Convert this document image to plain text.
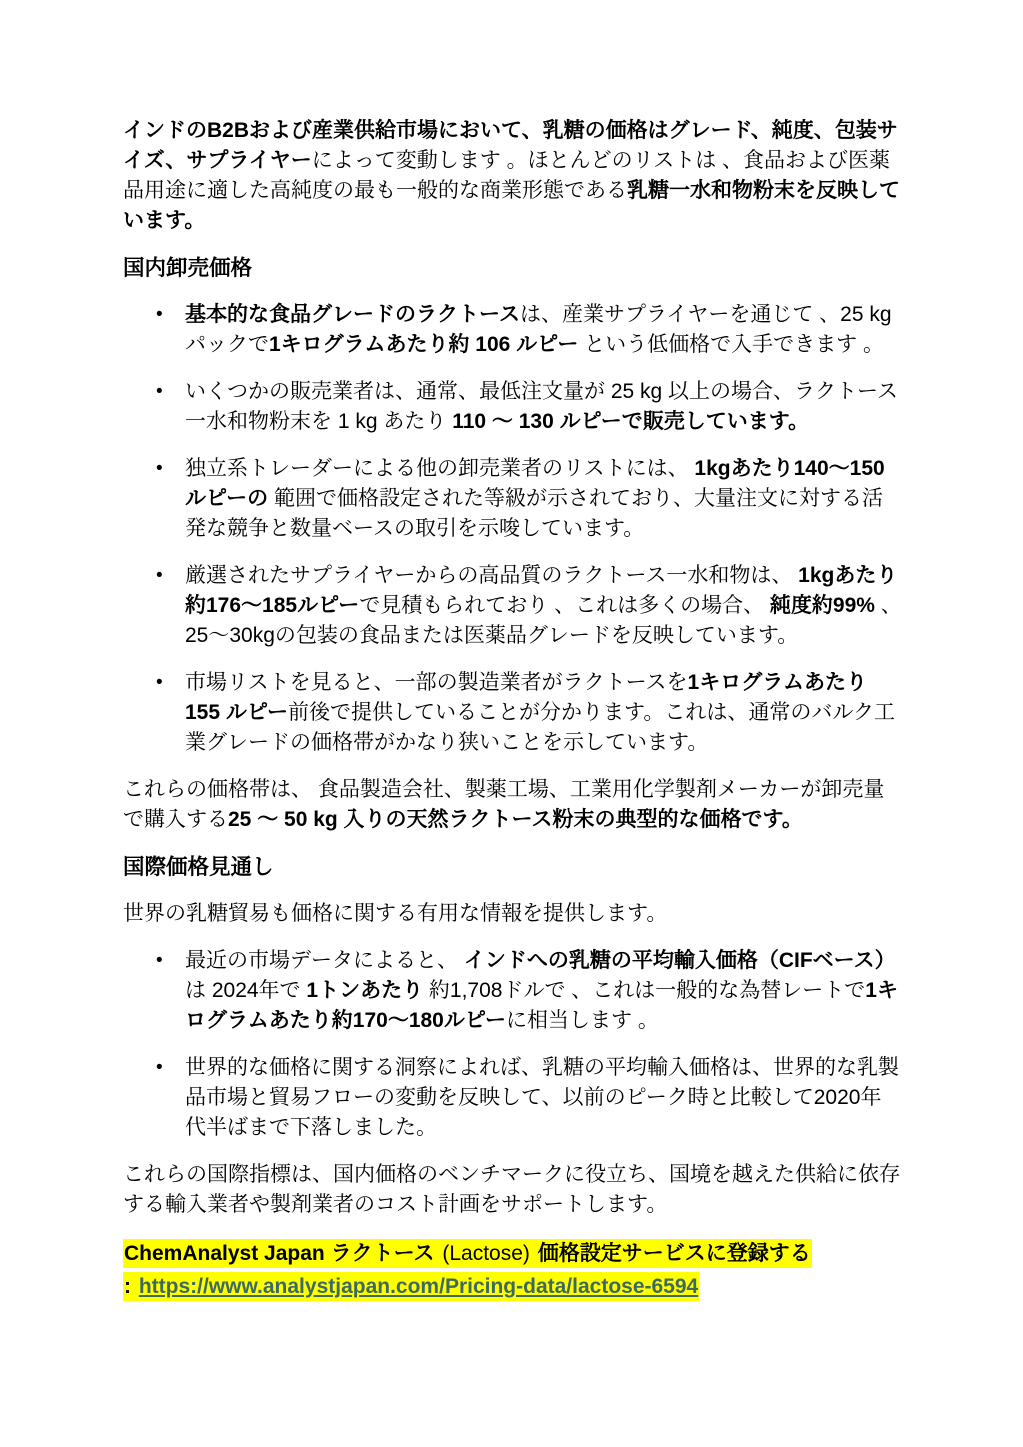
インドのB2Bおよび産業供給市場において、乳糖の価格はグレード、純度、包装サイズ、サプライヤーによって変動します 。ほとんどのリストは 、食品および医薬品用途に適した高純度の最も一般的な商業形態である乳糖一水和物粉末を反映しています。

国内卸売価格
•	基本的な食品グレードのラクトースは、産業サプライヤーを通じて 、25 kg パックで1キログラムあたり約 106 ルピー という低価格で入手できます 。
•	いくつかの販売業者は、通常、最低注文量が 25 kg 以上の場合、ラクトース一水和物粉末を 1 kg あたり 110 ～ 130 ルピーで販売しています。
•	独立系トレーダーによる他の卸売業者のリストには、 1kgあたり140～150ルピーの 範囲で価格設定された等級が示されており、大量注文に対する活発な競争と数量ベースの取引を示唆しています。
•	厳選されたサプライヤーからの高品質のラクトース一水和物は、 1kgあたり約176～185ルピーで見積もられており 、これは多くの場合、 純度約99% 、25～30kgの包装の食品または医薬品グレードを反映しています。
•	市場リストを見ると、一部の製造業者がラクトースを1キログラムあたり155 ルピー前後で提供していることが分かります。これは、通常のバルク工業グレードの価格帯がかなり狭いことを示しています。

これらの価格帯は、 食品製造会社、製薬工場、工業用化学製剤メーカーが卸売量で購入する25 ～ 50 kg 入りの天然ラクトース粉末の典型的な価格です。

国際価格見通し

世界の乳糖貿易も価格に関する有用な情報を提供します。

•	最近の市場データによると、 インドへの乳糖の平均輸入価格（CIFベース）は 2024年で 1トンあたり 約1,708ドルで 、これは一般的な為替レートで1キログラムあたり約170～180ルピーに相当します 。
•	世界的な価格に関する洞察によれば、乳糖の平均輸入価格は、世界的な乳製品市場と貿易フローの変動を反映して、以前のピーク時と比較して2020年代半ばまで下落しました。

これらの国際指標は、国内価格のベンチマークに役立ち、国境を越えた供給に依存する輸入業者や製剤業者のコスト計画をサポートします。

ChemAnalyst Japan ラクトース (Lactose) 価格設定サービスに登録する
: https://www.analystjapan.com/Pricing-data/lactose-6594
